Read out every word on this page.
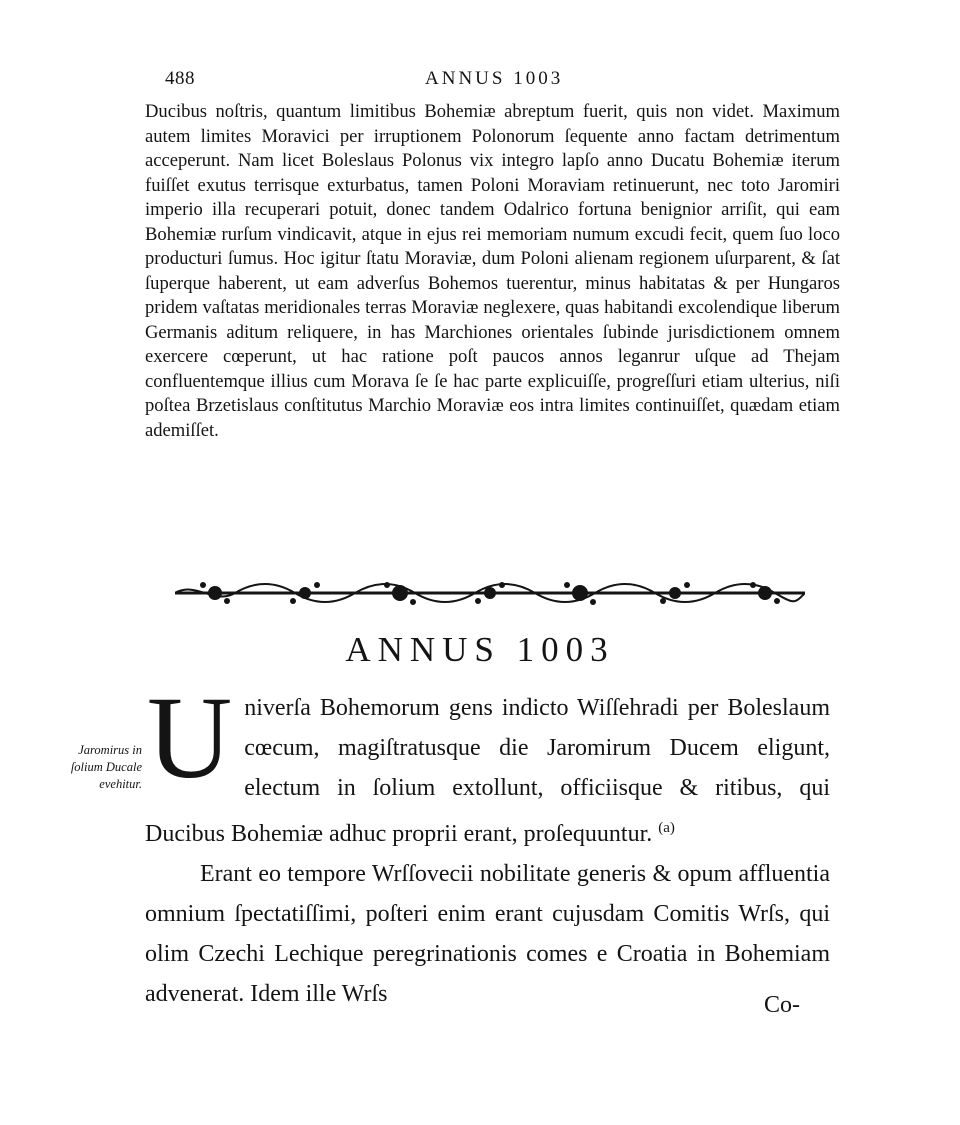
488	ANNUS 1003

Ducibus noſtris, quantum limitibus Bohemiæ abreptum fuerit, quis non videt. Maximum autem limites Moravici per irruptionem Polonorum ſequente anno factam detrimentum acceperunt. Nam licet Boleslaus Polonus vix integro lapſo anno Ducatu Bohemiæ iterum fuiſſet exutus terrisque exturbatus, tamen Poloni Moraviam retinuerunt, nec toto Jaromiri imperio illa recuperari potuit, donec tandem Odalrico fortuna benignior arriſit, qui eam Bohemiæ rurſum vindicavit, atque in ejus rei memoriam numum excudi fecit, quem ſuo loco producturi ſumus. Hoc igitur ſtatu Moraviæ, dum Poloni alienam regionem uſurparent, & ſat ſuperque haberent, ut eam adverſus Bohemos tuerentur, minus habitatas & per Hungaros pridem vaſtatas meridionales terras Moraviæ neglexere, quas habitandi excolendique liberum Germanis aditum reliquere, in has Marchiones orientales ſubinde jurisdictionem omnem exercere cœperunt, ut hac ratione poſt paucos annos leganrur uſque ad Thejam confluentemque illius cum Morava ſe ſe hac parte explicuiſſe, progreſſuri etiam ulterius, niſi poſtea Brzetislaus conſtitutus Marchio Moraviæ eos intra limites continuiſſet, quædam etiam ademiſſet.

ANNUS 1003
Jaromirus in
ſolium Ducale
evehitur. Univerſa Bohemorum gens indicto Wiſſehradi per Boleslaum cœcum, magiſtratusque die Jaromirum Ducem eligunt, electum in ſolium extollunt, officiisque & ritibus, qui Ducibus Bohemiæ adhuc proprii erant, proſequuntur. $^{(a)}$

Erant eo tempore Wrſſovecii nobilitate generis & opum affluentia omnium ſpectatiſſimi, poſteri enim erant cujusdam Comitis Wrſs, qui olim Czechi Lechique peregrinationis comes e Croatia in Bohemiam advenerat. Idem ille Wrſs	Co-
